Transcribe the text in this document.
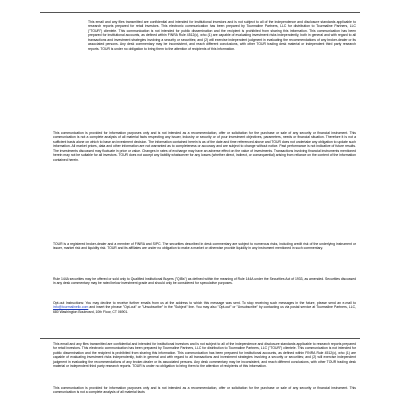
This email and any files transmitted are confidential and intended for institutional investors and is not subject to all of the independence and disclosure standards applicable to research reports prepared for retail investors. This electronic communication has been prepared by Tourmaline Partners, LLC for distribution to Tourmaline Partners, LLC ("TOUR") clientele. This communication is not intended for public dissemination and the recipient is prohibited from sharing this information. This communication has been prepared for institutional accounts, as defined within FINRA Rule 4512(c), who (1) are capable of evaluating investment risks independently, both in general and with regard to all transactions and investment strategies involving a security or securities; and (2) will exercise independent judgment in evaluating the recommendations of any broker-dealer or its associated persons. Any desk commentary may be inconsistent, and reach different conclusions, with other TOUR trading desk material or independent third party research reports. TOUR is under no obligation to bring them to the attention of recipients of this information.

This communication is provided for information purposes only and is not intended as a recommendation, offer or solicitation for the purchase or sale of any security or financial instrument. This communication is not a complete analysis of all material facts respecting any issuer, industry or security or of your investment objectives, parameters, needs or financial situation. Therefore it is not a sufficient basis alone on which to base an investment decision. The information contained herein is as of the date and time referenced above and TOUR does not undertake any obligation to update such information. All market prices, data and other information are not warranted as to completeness or accuracy and are subject to change without notice. Past performance is not indicative of future results. The investments discussed may fluctuate in price or value. Changes in rates of exchange may have an adverse effect on the value of investments. Transactions involving financial instruments mentioned herein may not be suitable for all investors. TOUR does not accept any liability whatsoever for any losses (whether direct, indirect, or consequential) arising from reliance on the content of the information contained herein.

TOUR is a registered broker-dealer and a member of FINRA and SIPC. The securities described in desk commentary are subject to numerous risks, including credit risk of the underlying instrument or issuer, market risk and liquidity risk. TOUR and its affiliates are under no obligation to make a market or otherwise provide liquidity in any instrument mentioned in such commentary.

Rule 144A securities may be offered or sold only to Qualified Institutional Buyers ("QIBs") as defined within the meaning of Rule 144A under the Securities Act of 1933, as amended. Securities discussed in any desk commentary may be rated below investment grade and should only be considered for speculative purposes.

Opt-out Instructions: You may decline to receive further emails from us at the address to which this message was sent. To stop receiving such messages in the future, please send an e-mail to info@tourmalinellc.com and insert the phrase "Opt-out" or "Unsubscribe" in the "Subject" line. You may also "Opt-out" or "Unsubscribe" by contacting us via postal service at Tourmaline Partners, LLC, 680 Washington Boulevard, 10th Floor, CT 06901.

This email and any files transmitted are confidential and intended for institutional investors and is not subject to all of the independence and disclosure standards applicable to research reports prepared for retail investors. This electronic communication has been prepared by Tourmaline Partners, LLC for distribution to Tourmaline Partners, LLC ("TOUR") clientele. This communication is not intended for public dissemination and the recipient is prohibited from sharing this information. This communication has been prepared for institutional accounts, as defined within FINRA Rule 4512(c), who (1) are capable of evaluating investment risks independently, both in general and with regard to all transactions and investment strategies involving a security or securities; and (2) will exercise independent judgment in evaluating the recommendations of any broker-dealer or its associated persons. Any desk commentary may be inconsistent, and reach different conclusions, with other TOUR trading desk material or independent third party research reports. TOUR is under no obligation to bring them to the attention of recipients of this information.

This communication is provided for information purposes only and is not intended as a recommendation, offer or solicitation for the purchase or sale of any security or financial instrument. This communication is not a complete analysis of all material facts
